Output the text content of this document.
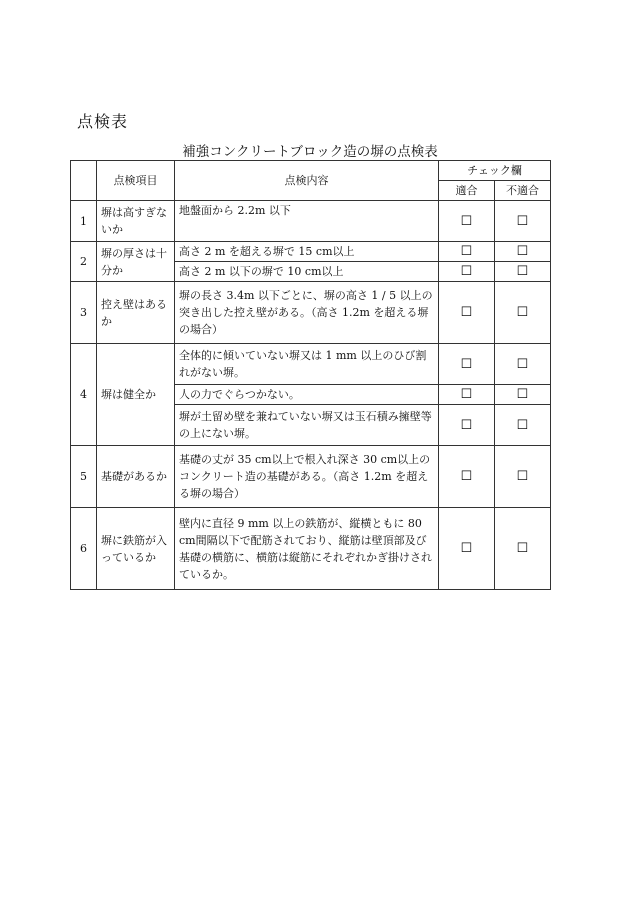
点検表
補強コンクリートブロック造の塀の点検表
	点検項目	点検内容	チェック欄	
			適合	不適合
1	塀は高すぎないか	地盤面から 2.2m 以下	☐	☐
2	塀の厚さは十分か	高さ 2 m を超える塀で 15 cm以上	☐	☐
		高さ 2 m 以下の塀で 10 cm以上	☐	☐
3	控え壁はあるか	塀の長さ 3.4m 以下ごとに、塀の高さ 1 / 5 以上の突き出した控え壁がある。（高さ 1.2m を超える塀の場合）	☐	☐
4	塀は健全か	全体的に傾いていない塀又は 1 mm 以上のひび割れがない塀。	☐	☐
		人の力でぐらつかない。	☐	☐
		塀が土留め壁を兼ねていない塀又は玉石積み擁壁等の上にない塀。	☐	☐
5	基礎があるか	基礎の丈が 35 cm以上で根入れ深さ 30 cm以上のコンクリート造の基礎がある。（高さ 1.2m を超える塀の場合）	☐	☐
6	塀に鉄筋が入っているか	壁内に直径 9 mm 以上の鉄筋が、縦横ともに 80 cm間隔以下で配筋されており、縦筋は壁頂部及び基礎の横筋に、横筋は縦筋にそれぞれかぎ掛けされているか。	☐	☐
